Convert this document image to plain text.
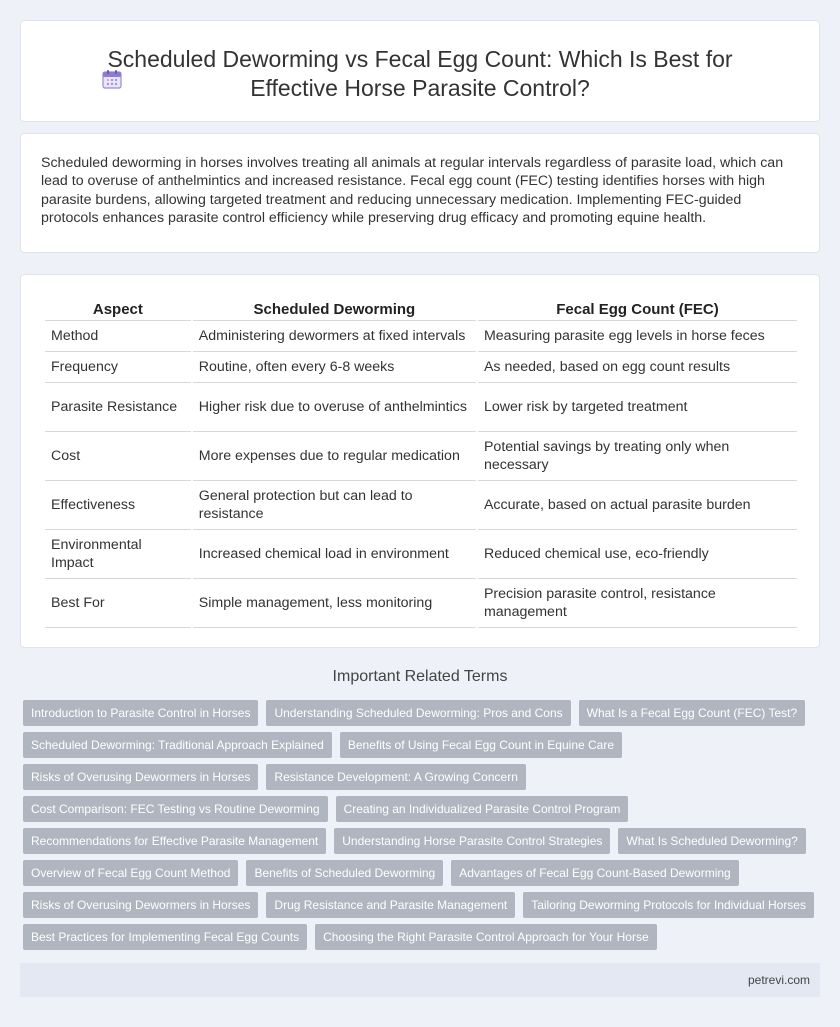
Scheduled Deworming vs Fecal Egg Count: Which Is Best for Effective Horse Parasite Control?

Scheduled deworming in horses involves treating all animals at regular intervals regardless of parasite load, which can lead to overuse of anthelmintics and increased resistance. Fecal egg count (FEC) testing identifies horses with high parasite burdens, allowing targeted treatment and reducing unnecessary medication. Implementing FEC-guided protocols enhances parasite control efficiency while preserving drug efficacy and promoting equine health.

Aspect	Scheduled Deworming	Fecal Egg Count (FEC)
Method	Administering dewormers at fixed intervals	Measuring parasite egg levels in horse feces
Frequency	Routine, often every 6-8 weeks	As needed, based on egg count results
Parasite Resistance	Higher risk due to overuse of anthelmintics	Lower risk by targeted treatment
Cost	More expenses due to regular medication	Potential savings by treating only when necessary
Effectiveness	General protection but can lead to resistance	Accurate, based on actual parasite burden
Environmental Impact	Increased chemical load in environment	Reduced chemical use, eco-friendly
Best For	Simple management, less monitoring	Precision parasite control, resistance management
Important Related Terms
Introduction to Parasite Control in Horses	Understanding Scheduled Deworming: Pros and Cons	What Is a Fecal Egg Count (FEC) Test?
Scheduled Deworming: Traditional Approach Explained	Benefits of Using Fecal Egg Count in Equine Care
Risks of Overusing Dewormers in Horses	Resistance Development: A Growing Concern
Cost Comparison: FEC Testing vs Routine Deworming	Creating an Individualized Parasite Control Program
Recommendations for Effective Parasite Management	Understanding Horse Parasite Control Strategies	What Is Scheduled Deworming?
Overview of Fecal Egg Count Method	Benefits of Scheduled Deworming	Advantages of Fecal Egg Count-Based Deworming
Risks of Overusing Dewormers in Horses	Drug Resistance and Parasite Management	Tailoring Deworming Protocols for Individual Horses
Best Practices for Implementing Fecal Egg Counts	Choosing the Right Parasite Control Approach for Your Horse
petrevi.com
